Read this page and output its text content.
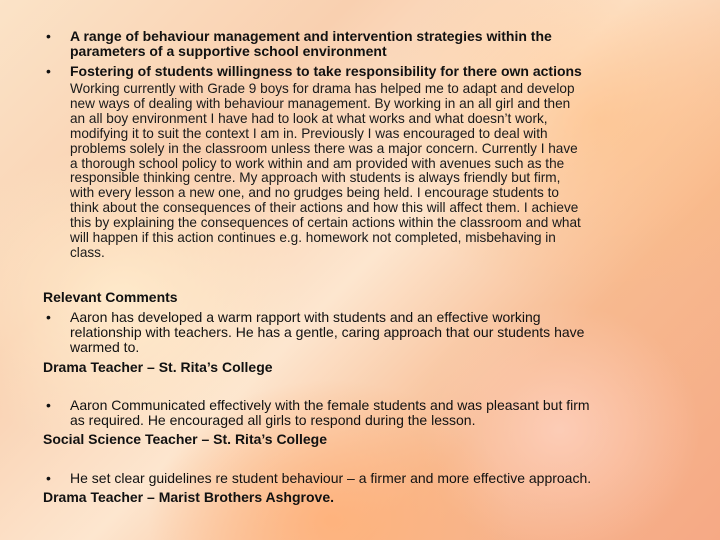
• A range of behaviour management and intervention strategies within the
parameters of a supportive school environment
• Fostering of students willingness to take responsibility for there own actions
Working currently with Grade 9 boys for drama has helped me to adapt and develop
new ways of dealing with behaviour management. By working in an all girl and then
an all boy environment I have had to look at what works and what doesn’t work,
modifying it to suit the context I am in. Previously I was encouraged to deal with
problems solely in the classroom unless there was a major concern. Currently I have
a thorough school policy to work within and am provided with avenues such as the
responsible thinking centre. My approach with students is always friendly but firm,
with every lesson a new one, and no grudges being held. I encourage students to
think about the consequences of their actions and how this will affect them. I achieve
this by explaining the consequences of certain actions within the classroom and what
will happen if this action continues e.g. homework not completed, misbehaving in
class.
Relevant Comments
• Aaron has developed a warm rapport with students and an effective working
relationship with teachers. He has a gentle, caring approach that our students have
warmed to.
Drama Teacher – St. Rita’s College
• Aaron Communicated effectively with the female students and was pleasant but firm
as required. He encouraged all girls to respond during the lesson.
Social Science Teacher – St. Rita’s College
• He set clear guidelines re student behaviour – a firmer and more effective approach.
Drama Teacher – Marist Brothers Ashgrove.
